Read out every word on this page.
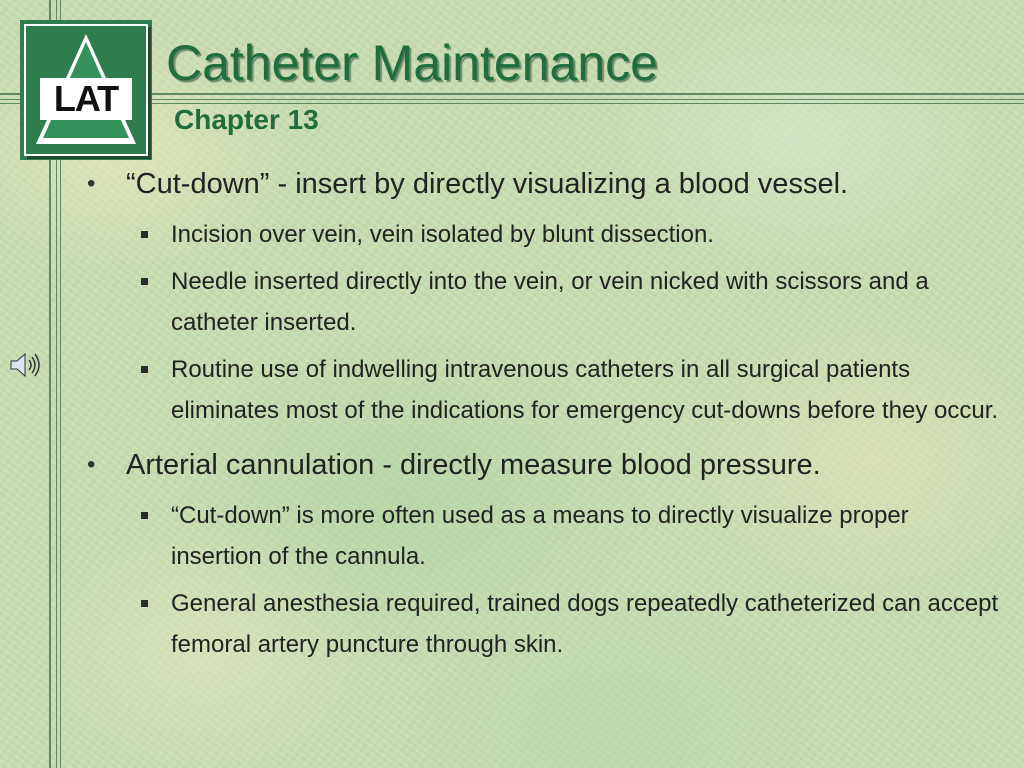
LAT
Catheter Maintenance
Chapter 13
• “Cut-down” - insert by directly visualizing a blood vessel.
Incision over vein, vein isolated by blunt dissection.
Needle inserted directly into the vein, or vein nicked with scissors and a catheter inserted.
Routine use of indwelling intravenous catheters in all surgical patients eliminates most of the indications for emergency cut-downs before they occur.
• Arterial cannulation - directly measure blood pressure.
“Cut-down” is more often used as a means to directly visualize proper insertion of the cannula.
General anesthesia required, trained dogs repeatedly catheterized can accept femoral artery puncture through skin.
